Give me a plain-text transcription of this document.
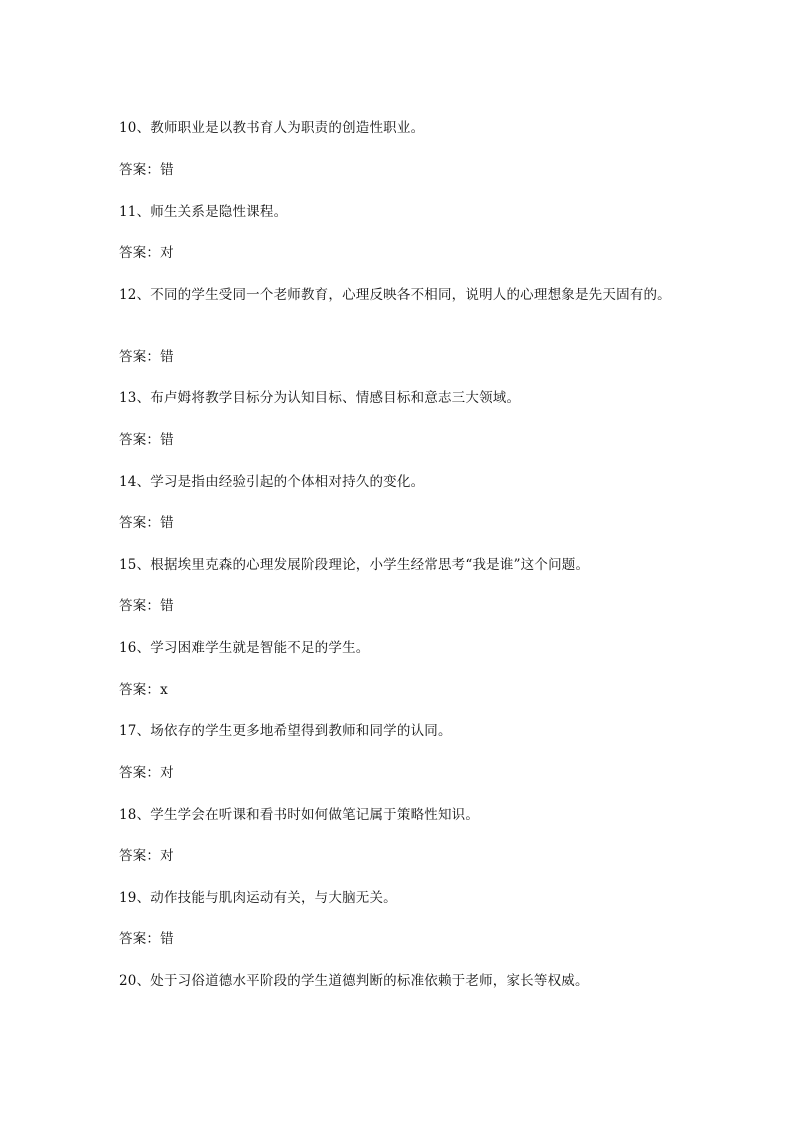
10、教师职业是以教书育人为职责的创造性职业。
答案：错
11、师生关系是隐性课程。
答案：对
12、不同的学生受同一个老师教育，心理反映各不相同，说明人的心理想象是先天固有的。
答案：错
13、布卢姆将教学目标分为认知目标、情感目标和意志三大领域。
答案：错
14、学习是指由经验引起的个体相对持久的变化。
答案：错
15、根据埃里克森的心理发展阶段理论，小学生经常思考“我是谁”这个问题。
答案：错
16、学习困难学生就是智能不足的学生。
答案：x
17、场依存的学生更多地希望得到教师和同学的认同。
答案：对
18、学生学会在听课和看书时如何做笔记属于策略性知识。
答案：对
19、动作技能与肌肉运动有关，与大脑无关。
答案：错
20、处于习俗道德水平阶段的学生道德判断的标准依赖于老师，家长等权威。
